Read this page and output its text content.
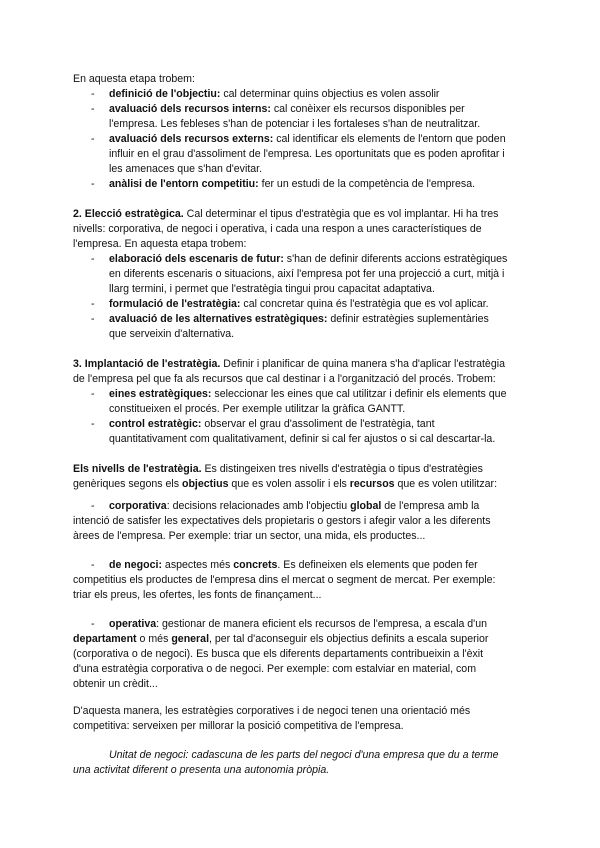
En aquesta etapa trobem:
-	definició de l'objectiu: cal determinar quins objectius es volen assolir
-	avaluació dels recursos interns: cal conèixer els recursos disponibles per
l'empresa. Les febleses s'han de potenciar i les fortaleses s'han de neutralitzar.
-	avaluació dels recursos externs: cal identificar els elements de l'entorn que poden
influir en el grau d'assoliment de l'empresa. Les oportunitats que es poden aprofitar i
les amenaces que s'han d'evitar.
-	anàlisi de l'entorn competitiu: fer un estudi de la competència de l'empresa.
2. Elecció estratègica. Cal determinar el tipus d'estratègia que es vol implantar. Hi ha tres
nivells: corporativa, de negoci i operativa, i cada una respon a unes característiques de
l'empresa. En aquesta etapa trobem:
-	elaboració dels escenaris de futur: s'han de definir diferents accions estratègiques
en diferents escenaris o situacions, així l'empresa pot fer una projecció a curt, mitjà i
llarg termini, i permet que l'estratègia tingui prou capacitat adaptativa.
-	formulació de l'estratègia: cal concretar quina és l'estratègia que es vol aplicar.
-	avaluació de les alternatives estratègiques: definir estratègies suplementàries
que serveixin d'alternativa.
3. Implantació de l'estratègia. Definir i planificar de quina manera s'ha d'aplicar l'estratègia
de l'empresa pel que fa als recursos que cal destinar i a l'organització del procés. Trobem:
-	eines estratègiques: seleccionar les eines que cal utilitzar i definir els elements que
constitueixen el procés. Per exemple utilitzar la gràfica GANTT.
-	control estratègic: observar el grau d'assoliment de l'estratègia, tant
quantitativament com qualitativament, definir si cal fer ajustos o si cal descartar-la.
Els nivells de l'estratègia. Es distingeixen tres nivells d'estratègia o tipus d'estratègies
genèriques segons els objectius que es volen assolir i els recursos que es volen utilitzar:
-	corporativa: decisions relacionades amb l'objectiu global de l'empresa amb la
intenció de satisfer les expectatives dels propietaris o gestors i afegir valor a les diferents
àrees de l'empresa. Per exemple: triar un sector, una mida, els productes...
-	de negoci: aspectes més concrets. Es defineixen els elements que poden fer
competitius els productes de l'empresa dins el mercat o segment de mercat. Per exemple:
triar els preus, les ofertes, les fonts de finançament...
-	operativa: gestionar de manera eficient els recursos de l'empresa, a escala d'un
departament o més general, per tal d'aconseguir els objectius definits a escala superior
(corporativa o de negoci). Es busca que els diferents departaments contribueixin a l'èxit
d'una estratègia corporativa o de negoci. Per exemple: com estalviar en material, com
obtenir un crèdit...
D'aquesta manera, les estratègies corporatives i de negoci tenen una orientació més
competitiva: serveixen per millorar la posició competitiva de l'empresa.
Unitat de negoci: cadascuna de les parts del negoci d'una empresa que du a terme
una activitat diferent o presenta una autonomia pròpia.
